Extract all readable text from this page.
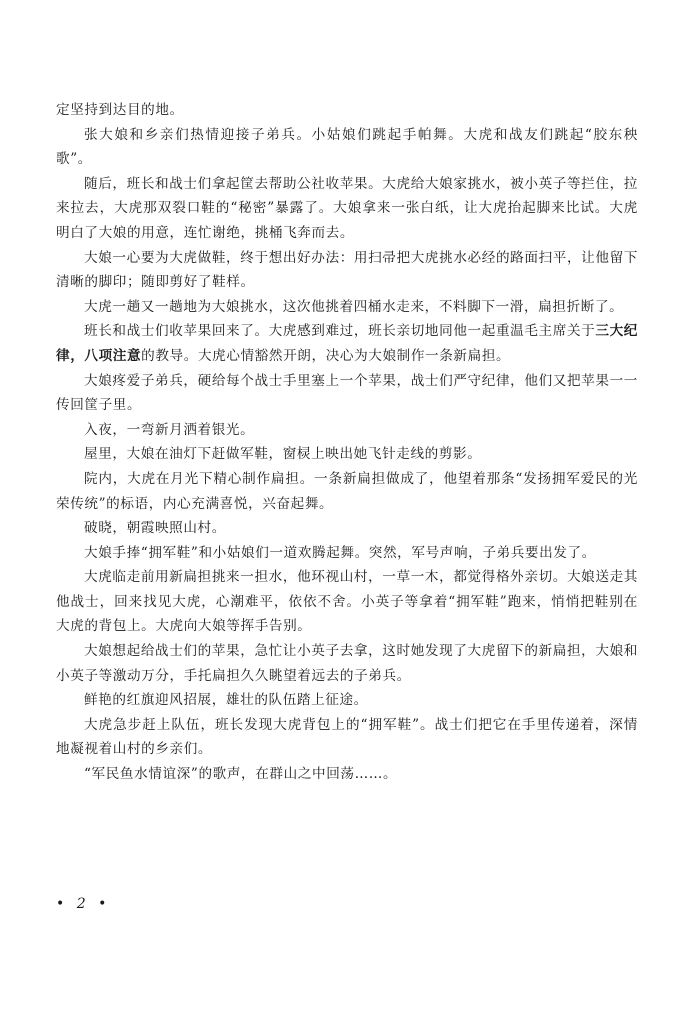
定坚持到达目的地。

张大娘和乡亲们热情迎接子弟兵。小姑娘们跳起手帕舞。大虎和战友们跳起“胶东秧歌”。

随后，班长和战士们拿起筐去帮助公社收苹果。大虎给大娘家挑水，被小英子等拦住，拉来拉去，大虎那双裂口鞋的“秘密”暴露了。大娘拿来一张白纸，让大虎抬起脚来比试。大虎明白了大娘的用意，连忙谢绝，挑桶飞奔而去。

大娘一心要为大虎做鞋，终于想出好办法：用扫帚把大虎挑水必经的路面扫平，让他留下清晰的脚印；随即剪好了鞋样。

大虎一趟又一趟地为大娘挑水，这次他挑着四桶水走来，不料脚下一滑，扁担折断了。

班长和战士们收苹果回来了。大虎感到难过，班长亲切地同他一起重温毛主席关于三大纪律，八项注意的教导。大虎心情豁然开朗，决心为大娘制作一条新扁担。

大娘疼爱子弟兵，硬给每个战士手里塞上一个苹果，战士们严守纪律，他们又把苹果一一传回筐子里。

入夜，一弯新月洒着银光。

屋里，大娘在油灯下赶做军鞋，窗棂上映出她飞针走线的剪影。

院内，大虎在月光下精心制作扁担。一条新扁担做成了，他望着那条“发扬拥军爱民的光荣传统”的标语，内心充满喜悦，兴奋起舞。

破晓，朝霞映照山村。

大娘手捧“拥军鞋”和小姑娘们一道欢腾起舞。突然，军号声响，子弟兵要出发了。

大虎临走前用新扁担挑来一担水，他环视山村，一草一木，都觉得格外亲切。大娘送走其他战士，回来找见大虎，心潮难平，依依不舍。小英子等拿着“拥军鞋”跑来，悄悄把鞋别在大虎的背包上。大虎向大娘等挥手告别。

大娘想起给战士们的苹果，急忙让小英子去拿，这时她发现了大虎留下的新扁担，大娘和小英子等激动万分，手托扁担久久眺望着远去的子弟兵。

鲜艳的红旗迎风招展，雄壮的队伍踏上征途。

大虎急步赶上队伍，班长发现大虎背包上的“拥军鞋”。战士们把它在手里传递着，深情地凝视着山村的乡亲们。

“军民鱼水情谊深”的歌声，在群山之中回荡……。

• 2 •
